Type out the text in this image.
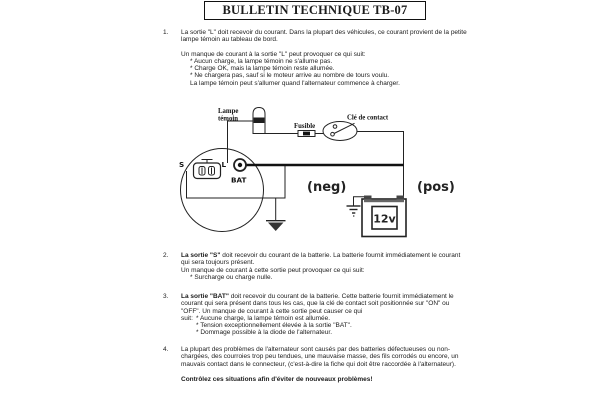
BULLETIN TECHNIQUE TB-07
1.	La sortie "L" doit recevoir du courant. Dans la plupart des véhicules, ce courant provient de la petite lampe témoin au tableau de bord.
Un manque de courant à la sortie "L" peut provoquer ce qui suit:
* Aucun charge, la lampe témoin ne s'allume pas.
* Charge OK, mais la lampe témoin reste allumée.
* Ne chargera pas, sauf si le moteur arrive au nombre de tours voulu.
La lampe témoin peut s'allumer quand l'alternateur commence à charger.
Lampe
témoin
Fusible
Clé de contact
S	L
BAT	(neg)	(pos)
12v
2.	La sortie "S" doit recevoir du courant de la batterie. La batterie fournit immédiatement le courant qui sera toujours présent.
Un manque de courant à cette sortie peut provoquer ce qui suit:
* Surcharge ou charge nulle.
3.	La sortie "BAT" doit recevoir du courant de la batterie. Cette batterie fournit immédiatement le courant qui sera présent dans tous les cas, que la clé de contact soit positionnée sur "ON" ou "OFF". Un manque de courant à cette sortie peut causer ce qui
suit: * Aucune charge, la lampe témoin est allumée.
* Tension exceptionnellement élevée à la sortie "BAT".
* Dommage possible à la diode de l'alternateur.
4.	La plupart des problèmes de l'alternateur sont causés par des batteries défectueuses ou non-chargées, des courroies trop peu tendues, une mauvaise masse, des fils corrodés ou encore, un mauvais contact dans le connecteur, (c'est-à-dire la fiche qui doit être raccordée à l'alternateur).
Contrôlez ces situations afin d'éviter de nouveaux problèmes!
